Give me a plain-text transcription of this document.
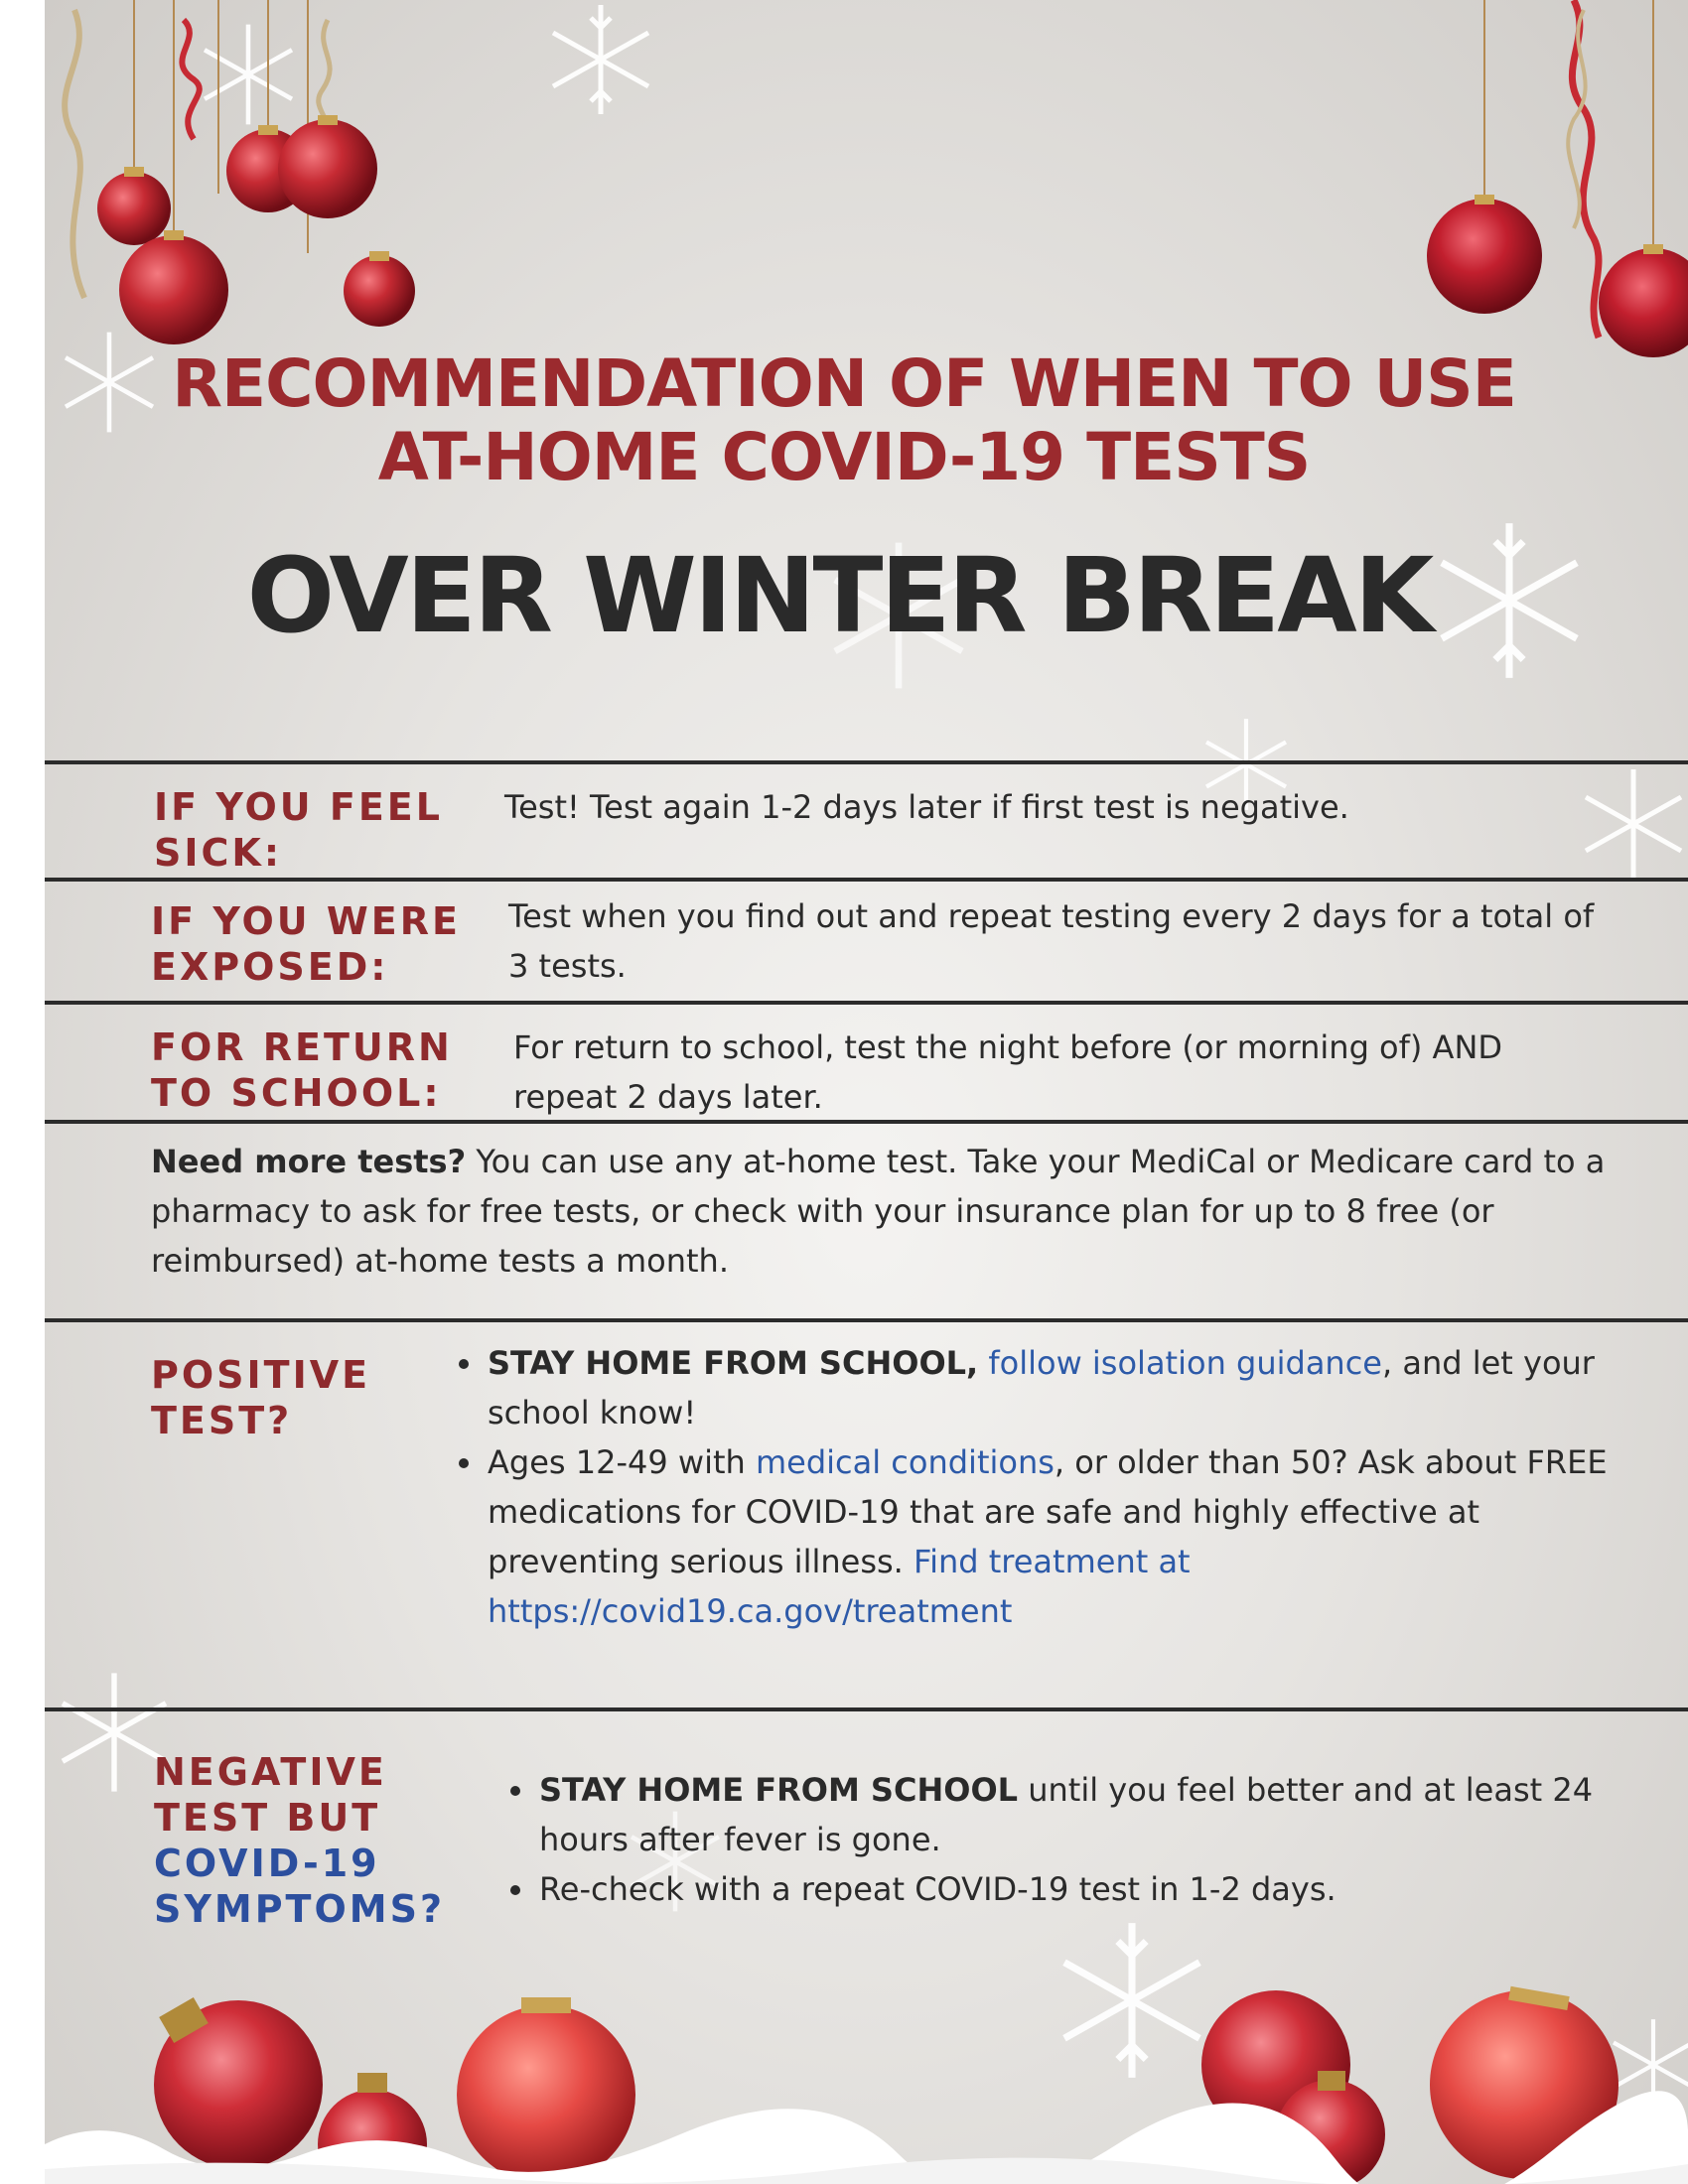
RECOMMENDATION OF WHEN TO USE
AT-HOME COVID-19 TESTS
OVER WINTER BREAK
IF YOU FEEL SICK:
Test! Test again 1-2 days later if first test is negative.
IF YOU WERE EXPOSED:
Test when you find out and repeat testing every 2 days for a total of 3 tests.
FOR RETURN TO SCHOOL:
For return to school, test the night before (or morning of) AND repeat 2 days later.
Need more tests? You can use any at-home test. Take your MediCal or Medicare card to a pharmacy to ask for free tests, or check with your insurance plan for up to 8 free (or reimbursed) at-home tests a month.
POSITIVE TEST?
• STAY HOME FROM SCHOOL, follow isolation guidance, and let your school know!
• Ages 12-49 with medical conditions, or older than 50? Ask about FREE medications for COVID-19 that are safe and highly effective at preventing serious illness. Find treatment at https://covid19.ca.gov/treatment
NEGATIVE TEST BUT
COVID-19 SYMPTOMS?
• STAY HOME FROM SCHOOL until you feel better and at least 24 hours after fever is gone.
• Re-check with a repeat COVID-19 test in 1-2 days.
